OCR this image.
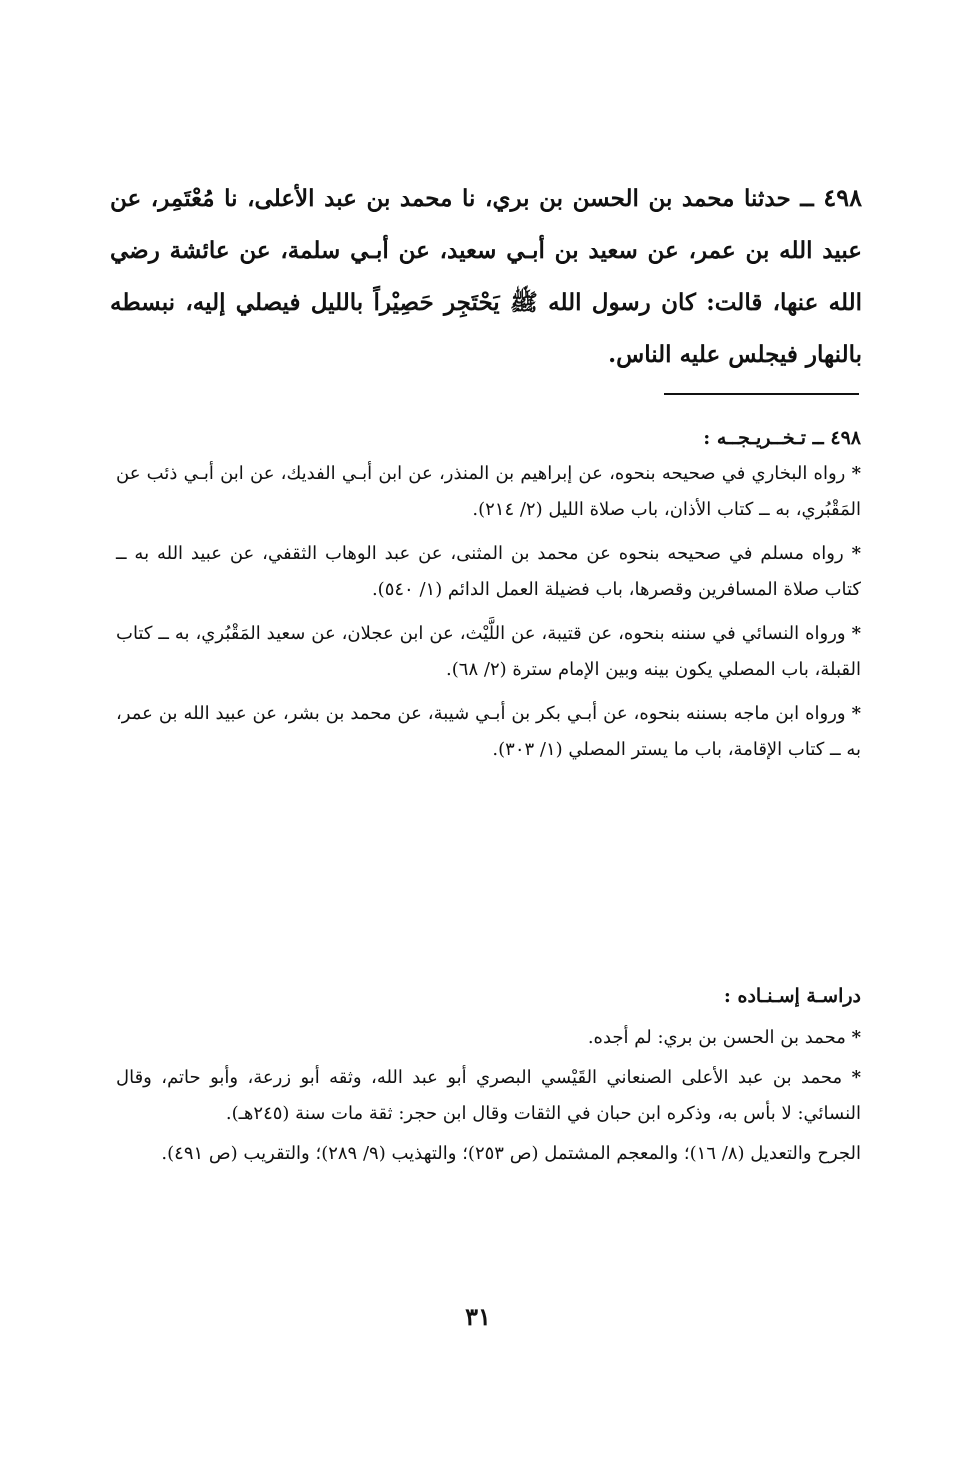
٤٩٨ ــ حدثنا محمد بن الحسن بن بري، نا محمد بن عبد الأعلى، نا مُعْتَمِر، عن عبيد الله بن عمر، عن سعيد بن أبـي سعيد، عن أبـي سلمة، عن عائشة رضي الله عنها، قالت: كان رسول الله ﷺ يَحْتَجِر حَصِيْراً بالليل فيصلي إليه، نبسطه بالنهار فيجلس عليه الناس.

٤٩٨ ــ تـخــريـجــه :

* رواه البخاري في صحيحه بنحوه، عن إبراهيم بن المنذر، عن ابن أبـي الفديك، عن ابن أبـي ذئب عن المَقْبُري، به ــ كتاب الأذان، باب صلاة الليل (٢/ ٢١٤).

* رواه مسلم في صحيحه بنحوه عن محمد بن المثنى، عن عبد الوهاب الثقفي، عن عبيد الله به ــ كتاب صلاة المسافرين وقصرها، باب فضيلة العمل الدائم (١/ ٥٤٠).

* ورواه النسائي في سننه بنحوه، عن قتيبة، عن اللَّيْث، عن ابن عجلان، عن سعيد المَقْبُري، به ــ كتاب القبلة، باب المصلي يكون بينه وبين الإمام سترة (٢/ ٦٨).

* ورواه ابن ماجه بسننه بنحوه، عن أبـي بكر بن أبـي شيبة، عن محمد بن بشر، عن عبيد الله بن عمر، به ــ كتاب الإقامة، باب ما يستر المصلي (١/ ٣٠٣).

دراسـة إسـنـاده :

* محمد بن الحسن بن بري: لم أجده.

* محمد بن عبد الأعلى الصنعاني القَيْسي البصري أبو عبد الله، وثقه أبو زرعة، وأبو حاتم، وقال النسائي: لا بأس به، وذكره ابن حبان في الثقات وقال ابن حجر: ثقة مات سنة (٢٤٥هـ).

الجرح والتعديل (٨/ ١٦)؛ والمعجم المشتمل (ص ٢٥٣)؛ والتهذيب (٩/ ٢٨٩)؛ والتقريب (ص ٤٩١).

٣١
